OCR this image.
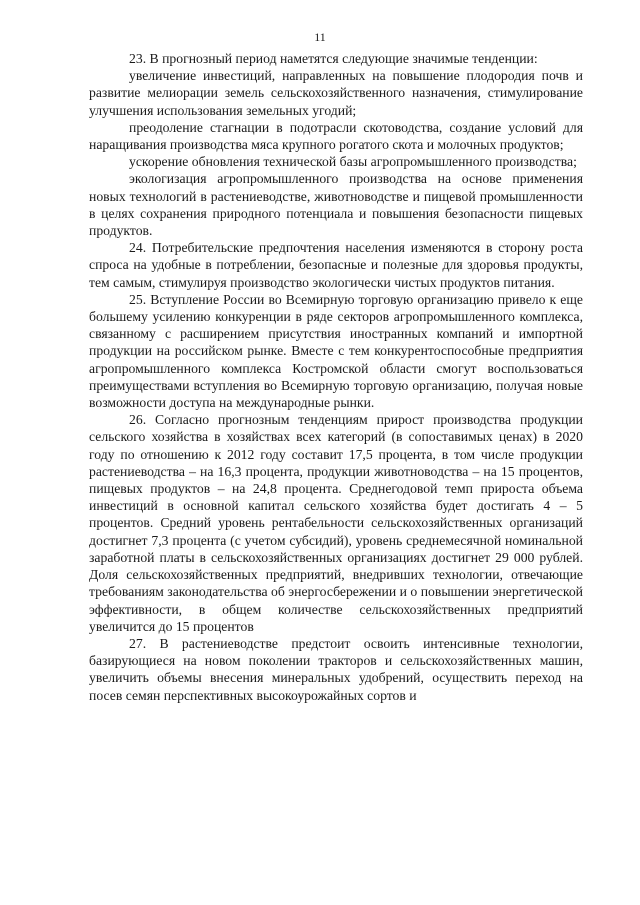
11

23. В прогнозный период наметятся следующие значимые тенденции:

увеличение инвестиций, направленных на повышение плодородия почв и развитие мелиорации земель сельскохозяйственного назначения, стимулирование улучшения использования земельных угодий;

преодоление стагнации в подотрасли скотоводства, создание условий для наращивания производства мяса крупного рогатого скота и молочных продуктов;

ускорение обновления технической базы агропромышленного производства;

экологизация агропромышленного производства на основе применения новых технологий в растениеводстве, животноводстве и пищевой промышленности в целях сохранения природного потенциала и повышения безопасности пищевых продуктов.

24. Потребительские предпочтения населения изменяются в сторону роста спроса на удобные в потреблении, безопасные и полезные для здоровья продукты, тем самым, стимулируя производство экологически чистых продуктов питания.

25. Вступление России во Всемирную торговую организацию привело к еще большему усилению конкуренции в ряде секторов агропромышленного комплекса, связанному с расширением присутствия иностранных компаний и импортной продукции на российском рынке. Вместе с тем конкурентоспособные предприятия агропромышленного комплекса Костромской области смогут воспользоваться преимуществами вступления во Всемирную торговую организацию, получая новые возможности доступа на международные рынки.

26. Согласно прогнозным тенденциям прирост производства продукции сельского хозяйства в хозяйствах всех категорий (в сопоставимых ценах) в 2020 году по отношению к 2012 году составит 17,5 процента, в том числе продукции растениеводства – на 16,3 процента, продукции животноводства – на 15 процентов, пищевых продуктов – на 24,8 процента. Среднегодовой темп прироста объема инвестиций в основной капитал сельского хозяйства будет достигать 4 – 5 процентов. Средний уровень рентабельности сельскохозяйственных организаций достигнет 7,3 процента (с учетом субсидий), уровень среднемесячной номинальной заработной платы в сельскохозяйственных организациях достигнет 29 000 рублей. Доля сельскохозяйственных предприятий, внедривших технологии, отвечающие требованиям законодательства об энергосбережении и о повышении энергетической эффективности, в общем количестве сельскохозяйственных предприятий увеличится до 15 процентов

27. В растениеводстве предстоит освоить интенсивные технологии, базирующиеся на новом поколении тракторов и сельскохозяйственных машин, увеличить объемы внесения минеральных удобрений, осуществить переход на посев семян перспективных высокоурожайных сортов и
